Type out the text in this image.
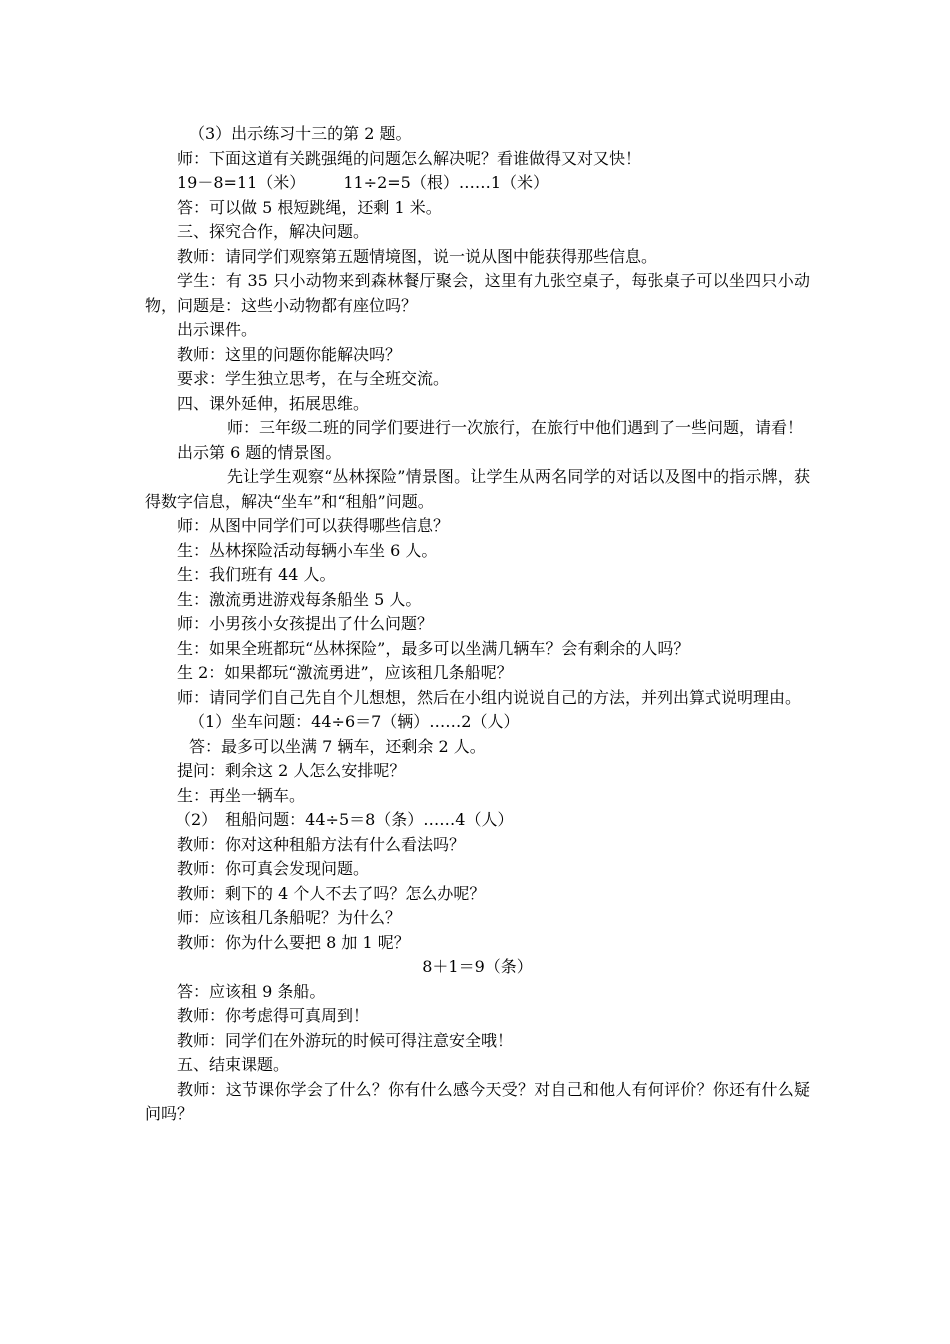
（3）出示练习十三的第 2 题。

师：下面这道有关跳强绳的问题怎么解决呢？看谁做得又对又快！

19－8=11（米） 11÷2=5（根）……1（米）

答：可以做 5 根短跳绳，还剩 1 米。

三、探究合作，解决问题。

教师：请同学们观察第五题情境图，说一说从图中能获得那些信息。

学生：有 35 只小动物来到森林餐厅聚会，这里有九张空桌子，每张桌子可以坐四只小动物，问题是：这些小动物都有座位吗？

出示课件。

教师：这里的问题你能解决吗？

要求：学生独立思考，在与全班交流。

四、课外延伸，拓展思维。

师：三年级二班的同学们要进行一次旅行，在旅行中他们遇到了一些问题，请看！

出示第 6 题的情景图。

先让学生观察“丛林探险”情景图。让学生从两名同学的对话以及图中的指示牌，获得数字信息，解决“坐车”和“租船”问题。

师：从图中同学们可以获得哪些信息？

生：丛林探险活动每辆小车坐 6 人。

生：我们班有 44 人。

生：激流勇进游戏每条船坐 5 人。

师：小男孩小女孩提出了什么问题？

生：如果全班都玩“丛林探险”，最多可以坐满几辆车？会有剩余的人吗？

生 2：如果都玩“激流勇进”，应该租几条船呢？

师：请同学们自己先自个儿想想，然后在小组内说说自己的方法，并列出算式说明理由。

（1）坐车问题：44÷6＝7（辆）……2（人）

答：最多可以坐满 7 辆车，还剩余 2 人。

提问：剩余这 2 人怎么安排呢？

生：再坐一辆车。

（2）　租船问题：44÷5＝8（条）……4（人）

教师：你对这种租船方法有什么看法吗？

教师：你可真会发现问题。

教师：剩下的 4 个人不去了吗？怎么办呢？

师：应该租几条船呢？为什么？

教师：你为什么要把 8 加 1 呢？

8＋1＝9（条）

答：应该租 9 条船。

教师：你考虑得可真周到！

教师：同学们在外游玩的时候可得注意安全哦！

五、结束课题。

教师：这节课你学会了什么？你有什么感今天受？对自己和他人有何评价？你还有什么疑问吗？
